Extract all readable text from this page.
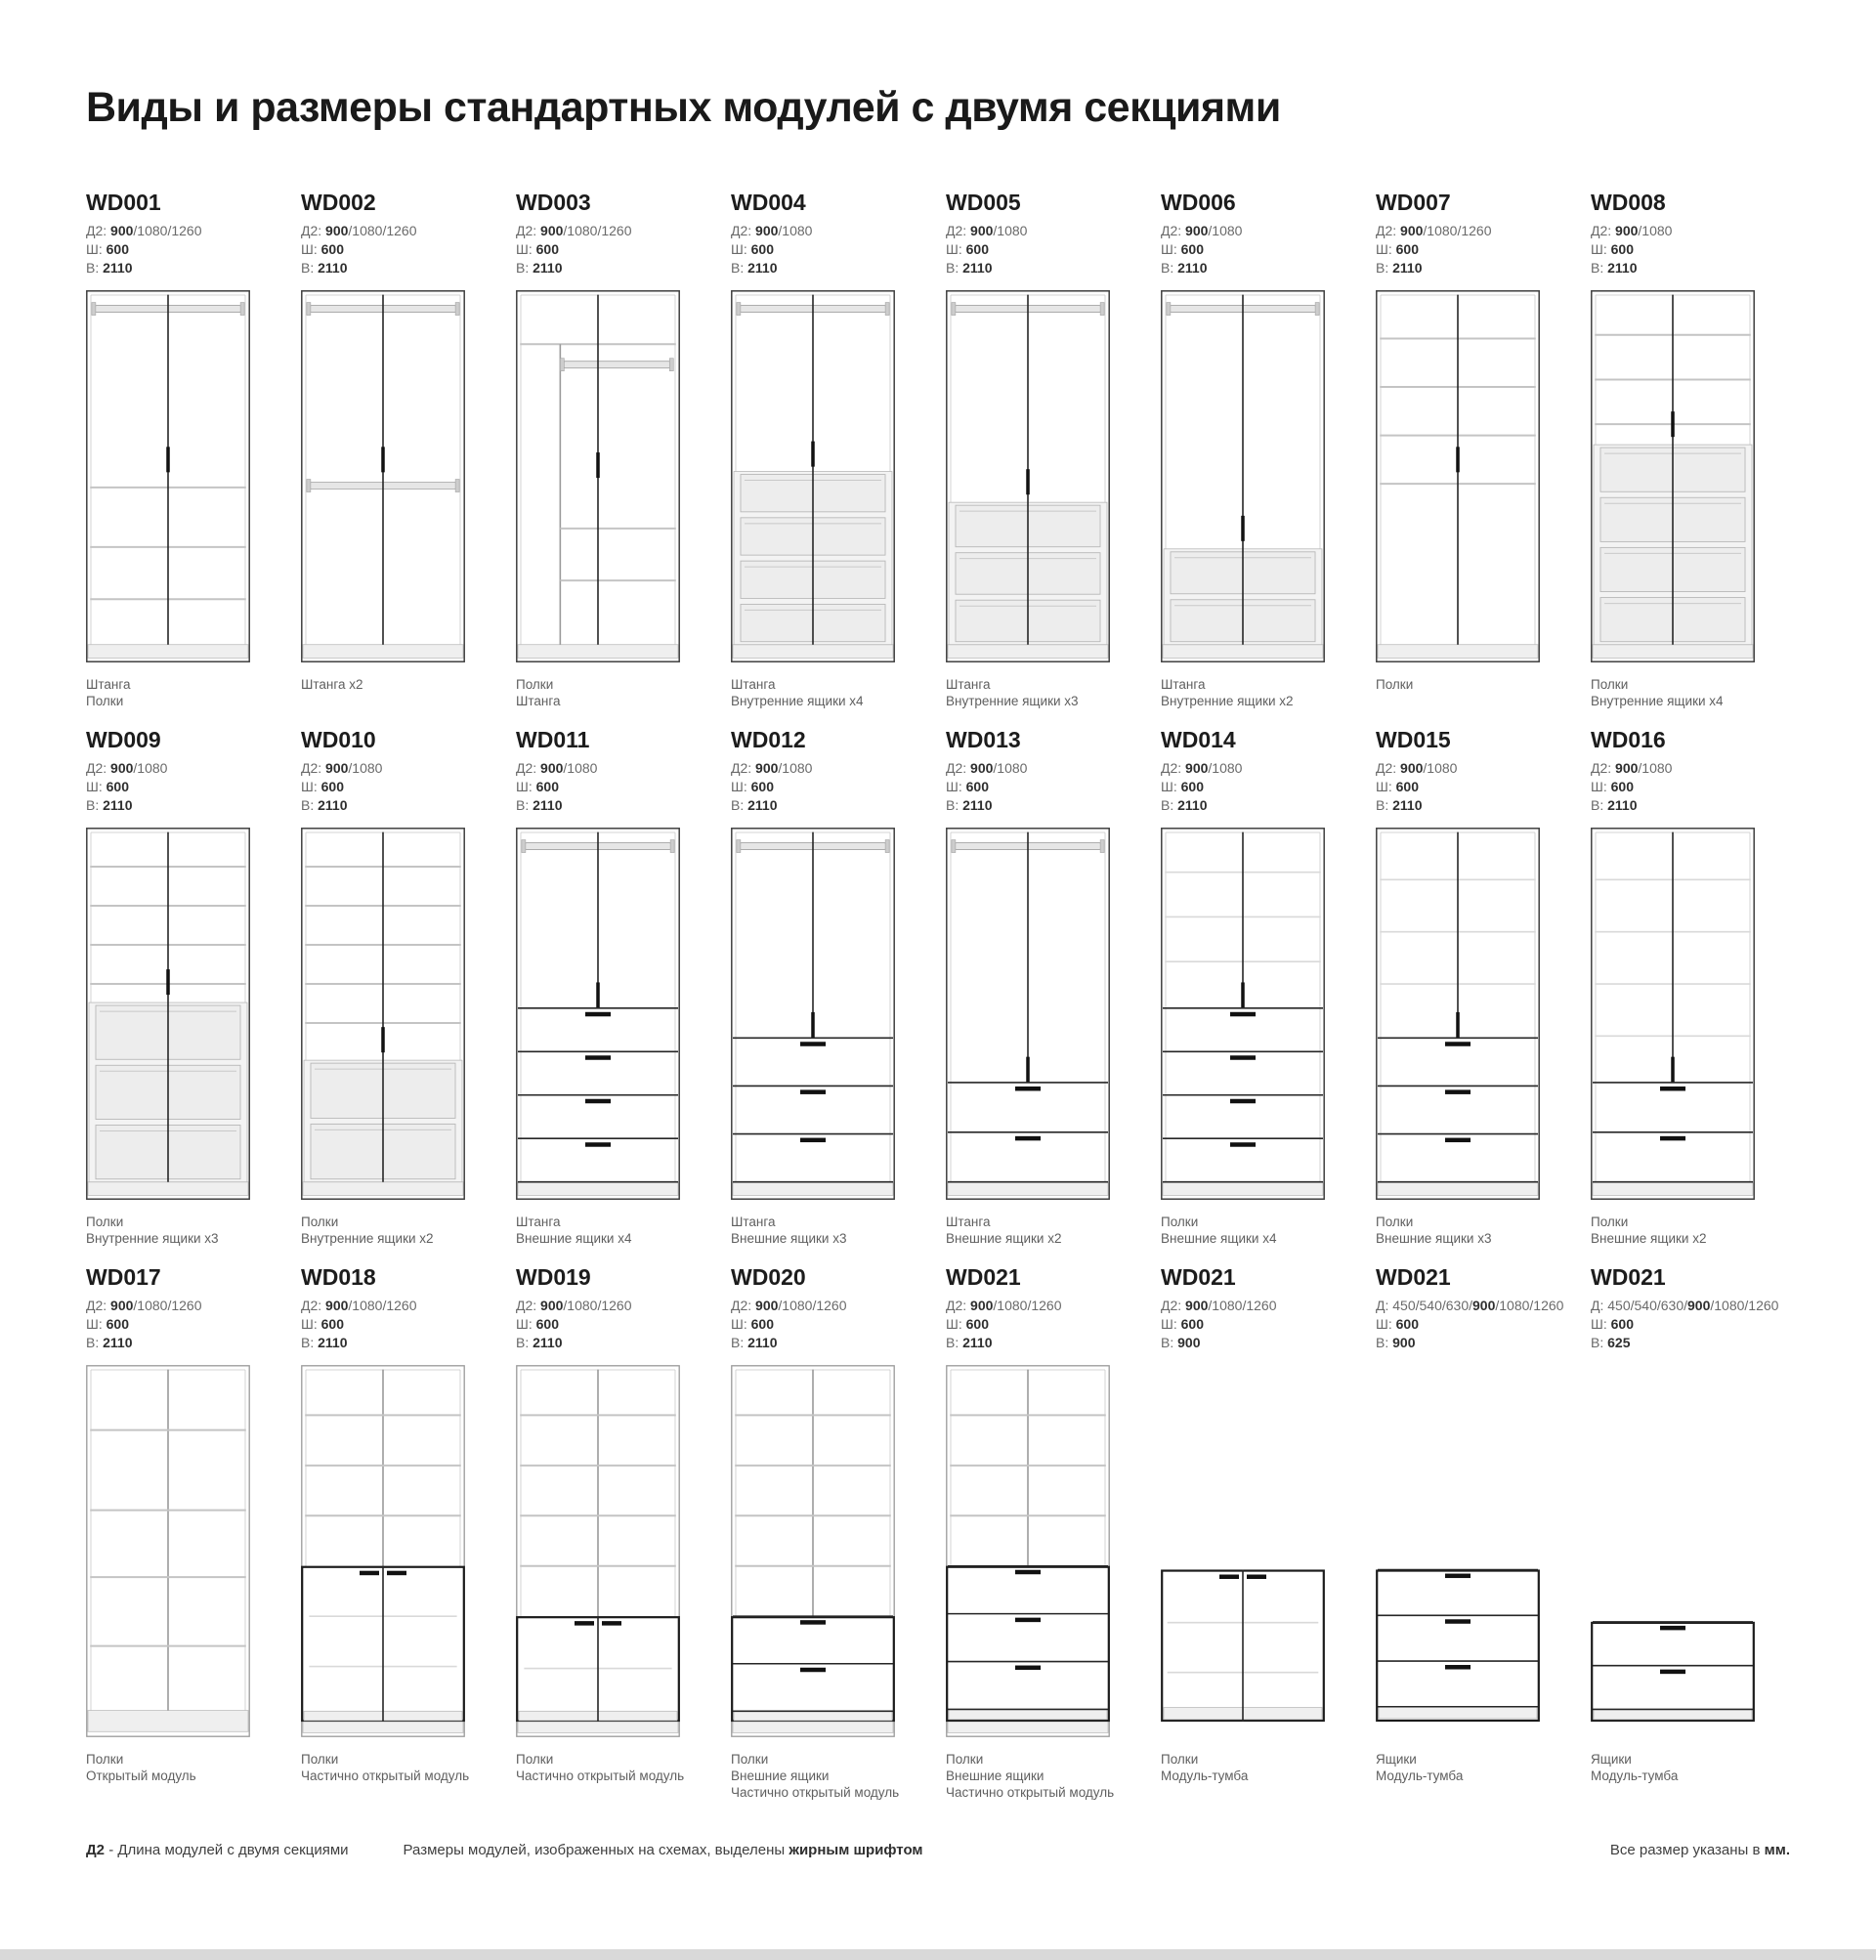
Виды и размеры стандартных модулей с двумя секциями
WD001
Д2: 900/1080/1260
Ш: 600
В: 2110
Штанга
Полки
WD002
Д2: 900/1080/1260
Ш: 600
В: 2110
Штанга x2
WD003
Д2: 900/1080/1260
Ш: 600
В: 2110
Полки
Штанга
WD004
Д2: 900/1080
Ш: 600
В: 2110
Штанга
Внутренние ящики x4
WD005
Д2: 900/1080
Ш: 600
В: 2110
Штанга
Внутренние ящики x3
WD006
Д2: 900/1080
Ш: 600
В: 2110
Штанга
Внутренние ящики x2
WD007
Д2: 900/1080/1260
Ш: 600
В: 2110
Полки
WD008
Д2: 900/1080
Ш: 600
В: 2110
Полки
Внутренние ящики x4
WD009
Д2: 900/1080
Ш: 600
В: 2110
Полки
Внутренние ящики x3
WD010
Д2: 900/1080
Ш: 600
В: 2110
Полки
Внутренние ящики x2
WD011
Д2: 900/1080
Ш: 600
В: 2110
Штанга
Внешние ящики x4
WD012
Д2: 900/1080
Ш: 600
В: 2110
Штанга
Внешние ящики x3
WD013
Д2: 900/1080
Ш: 600
В: 2110
Штанга
Внешние ящики x2
WD014
Д2: 900/1080
Ш: 600
В: 2110
Полки
Внешние ящики x4
WD015
Д2: 900/1080
Ш: 600
В: 2110
Полки
Внешние ящики x3
WD016
Д2: 900/1080
Ш: 600
В: 2110
Полки
Внешние ящики x2
WD017
Д2: 900/1080/1260
Ш: 600
В: 2110
Полки
Открытый модуль
WD018
Д2: 900/1080/1260
Ш: 600
В: 2110
Полки
Частично открытый модуль
WD019
Д2: 900/1080/1260
Ш: 600
В: 2110
Полки
Частично открытый модуль
WD020
Д2: 900/1080/1260
Ш: 600
В: 2110
Полки
Внешние ящики
Частично открытый модуль
WD021
Д2: 900/1080/1260
Ш: 600
В: 2110
Полки
Внешние ящики
Частично открытый модуль
WD021
Д2: 900/1080/1260
Ш: 600
В: 900
Полки
Модуль-тумба
WD021
Д: 450/540/630/900/1080/1260
Ш: 600
В: 900
Ящики
Модуль-тумба
WD021
Д: 450/540/630/900/1080/1260
Ш: 600
В: 625
Ящики
Модуль-тумба
Д2 - Длина модулей с двумя секциями	Размеры модулей, изображенных на схемах, выделены жирным шрифтом	Все размер указаны в мм.
